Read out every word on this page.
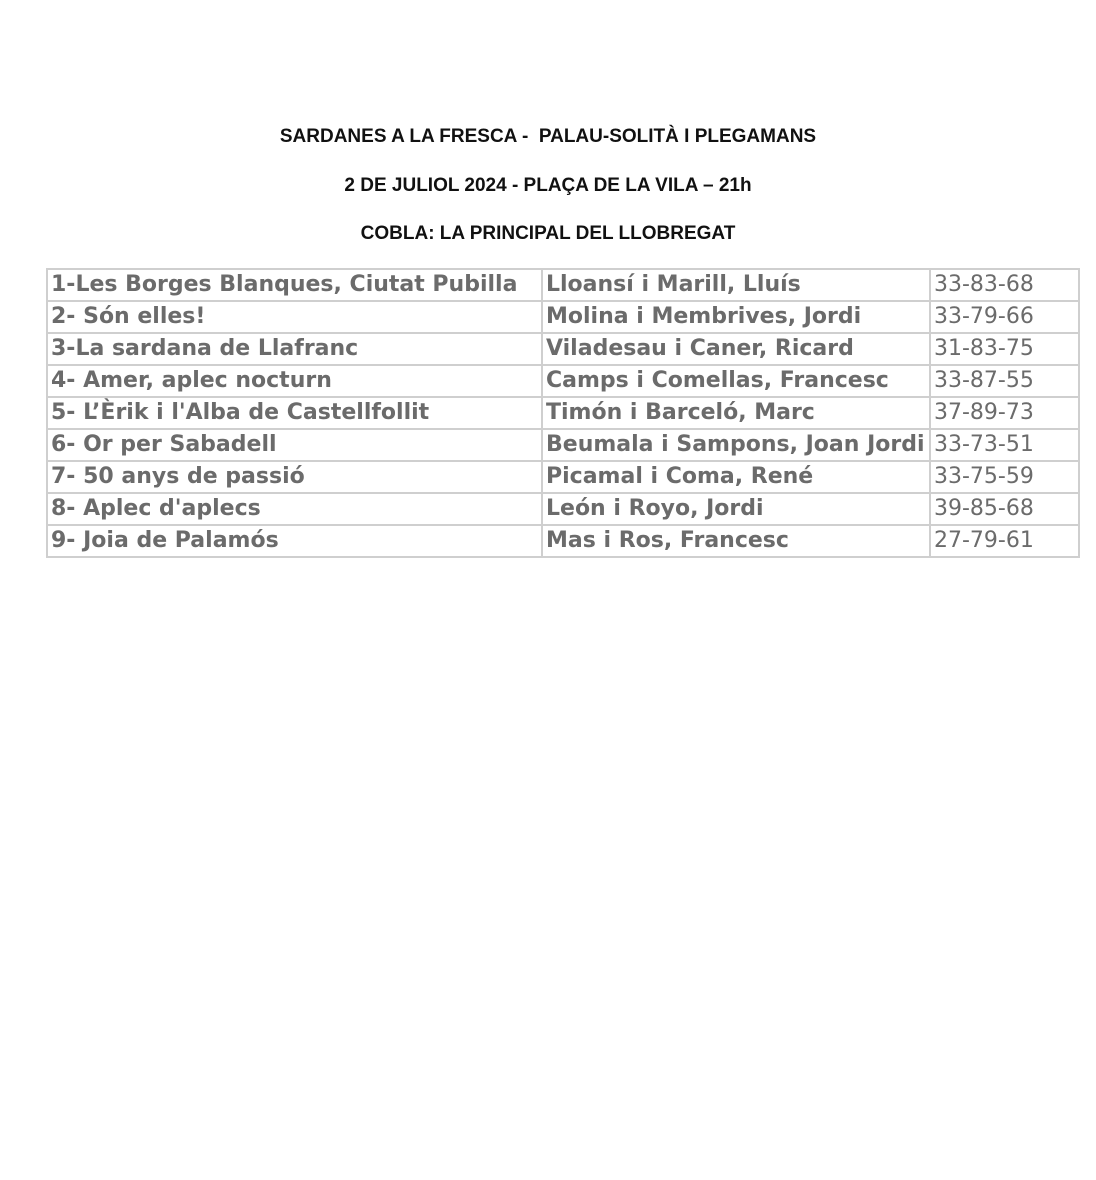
SARDANES A LA FRESCA -  PALAU-SOLITÀ I PLEGAMANS
2 DE JULIOL 2024 - PLAÇA DE LA VILA – 21h
COBLA: LA PRINCIPAL DEL LLOBREGAT
1-Les Borges Blanques, Ciutat Pubilla	Lloansí i Marill, Lluís	33-83-68
2- Són elles!	Molina i Membrives, Jordi	33-79-66
3-La sardana de Llafranc	Viladesau i Caner, Ricard	31-83-75
4- Amer, aplec nocturn	Camps i Comellas, Francesc	33-87-55
5- L’Èrik i l'Alba de Castellfollit	Timón i Barceló, Marc	37-89-73
6- Or per Sabadell	Beumala i Sampons, Joan Jordi	33-73-51
7- 50 anys de passió	Picamal i Coma, René	33-75-59
8- Aplec d'aplecs	León i Royo, Jordi	39-85-68
9- Joia de Palamós	Mas i Ros, Francesc	27-79-61
